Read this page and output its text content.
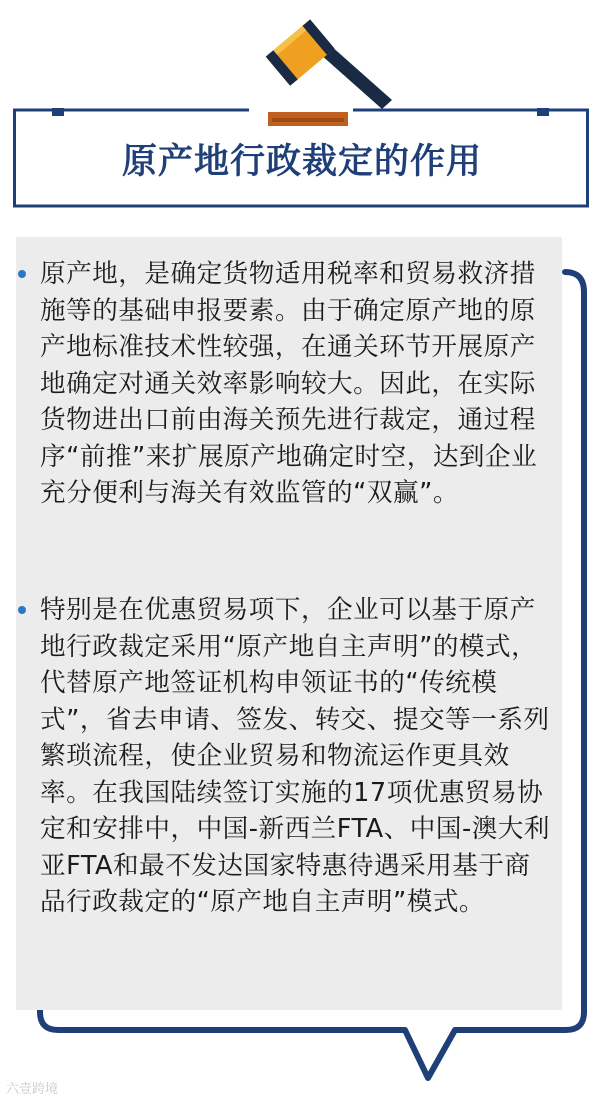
原产地行政裁定的作用

原产地，是确定货物适用税率和贸易救济措施等的基础申报要素。由于确定原产地的原产地标准技术性较强，在通关环节开展原产地确定对通关效率影响较大。因此，在实际货物进出口前由海关预先进行裁定，通过程序“前推”来扩展原产地确定时空，达到企业充分便利与海关有效监管的“双赢”。

特别是在优惠贸易项下，企业可以基于原产地行政裁定采用“原产地自主声明”的模式，代替原产地签证机构申领证书的“传统模式”，省去申请、签发、转交、提交等一系列繁琐流程，使企业贸易和物流运作更具效率。在我国陆续签订实施的17项优惠贸易协定和安排中，中国-新西兰FTA、中国-澳大利亚FTA和最不发达国家特惠待遇采用基于商品行政裁定的“原产地自主声明”模式。

六壹跨境
